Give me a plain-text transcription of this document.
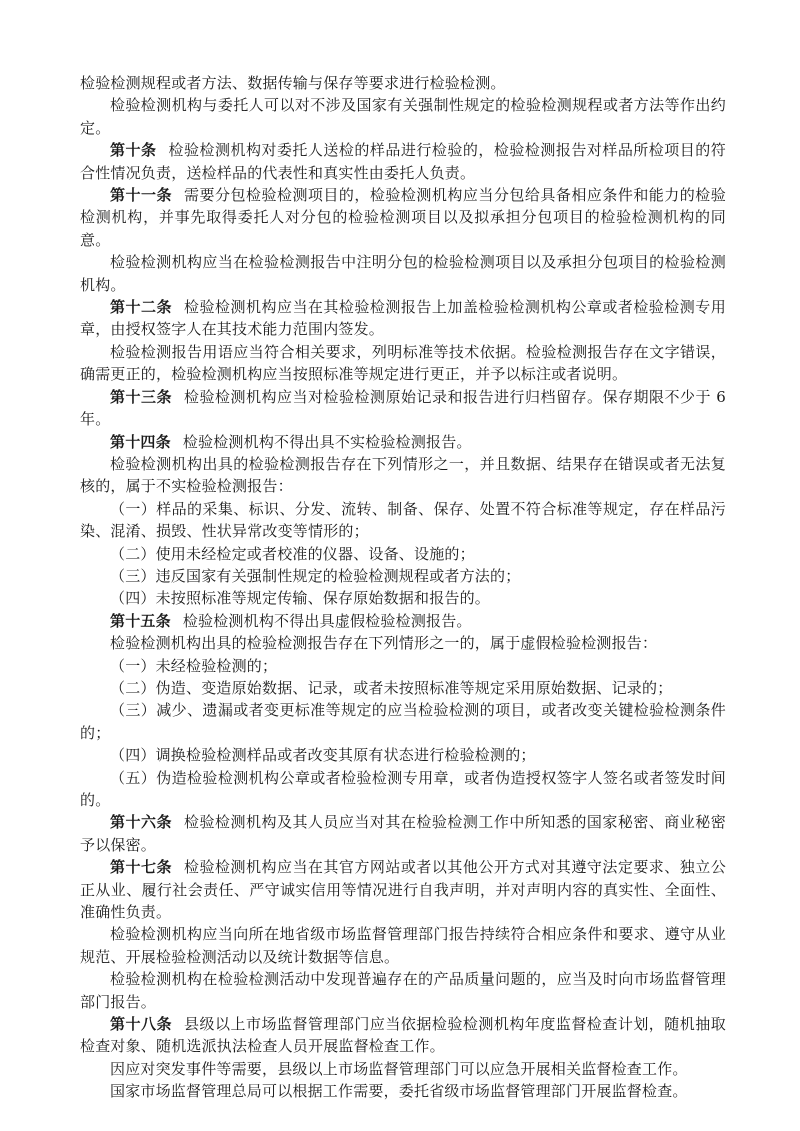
检验检测规程或者方法、数据传输与保存等要求进行检验检测。

检验检测机构与委托人可以对不涉及国家有关强制性规定的检验检测规程或者方法等作出约定。

第十条 检验检测机构对委托人送检的样品进行检验的，检验检测报告对样品所检项目的符合性情况负责，送检样品的代表性和真实性由委托人负责。

第十一条 需要分包检验检测项目的，检验检测机构应当分包给具备相应条件和能力的检验检测机构，并事先取得委托人对分包的检验检测项目以及拟承担分包项目的检验检测机构的同意。

检验检测机构应当在检验检测报告中注明分包的检验检测项目以及承担分包项目的检验检测机构。

第十二条 检验检测机构应当在其检验检测报告上加盖检验检测机构公章或者检验检测专用章，由授权签字人在其技术能力范围内签发。

检验检测报告用语应当符合相关要求，列明标准等技术依据。检验检测报告存在文字错误，确需更正的，检验检测机构应当按照标准等规定进行更正，并予以标注或者说明。

第十三条 检验检测机构应当对检验检测原始记录和报告进行归档留存。保存期限不少于 6 年。

第十四条 检验检测机构不得出具不实检验检测报告。

检验检测机构出具的检验检测报告存在下列情形之一，并且数据、结果存在错误或者无法复核的，属于不实检验检测报告：

（一）样品的采集、标识、分发、流转、制备、保存、处置不符合标准等规定，存在样品污染、混淆、损毁、性状异常改变等情形的；

（二）使用未经检定或者校准的仪器、设备、设施的；

（三）违反国家有关强制性规定的检验检测规程或者方法的；

（四）未按照标准等规定传输、保存原始数据和报告的。

第十五条 检验检测机构不得出具虚假检验检测报告。

检验检测机构出具的检验检测报告存在下列情形之一的，属于虚假检验检测报告：

（一）未经检验检测的；

（二）伪造、变造原始数据、记录，或者未按照标准等规定采用原始数据、记录的；

（三）减少、遗漏或者变更标准等规定的应当检验检测的项目，或者改变关键检验检测条件的；

（四）调换检验检测样品或者改变其原有状态进行检验检测的；

（五）伪造检验检测机构公章或者检验检测专用章，或者伪造授权签字人签名或者签发时间的。

第十六条 检验检测机构及其人员应当对其在检验检测工作中所知悉的国家秘密、商业秘密予以保密。

第十七条 检验检测机构应当在其官方网站或者以其他公开方式对其遵守法定要求、独立公正从业、履行社会责任、严守诚实信用等情况进行自我声明，并对声明内容的真实性、全面性、准确性负责。

检验检测机构应当向所在地省级市场监督管理部门报告持续符合相应条件和要求、遵守从业规范、开展检验检测活动以及统计数据等信息。

检验检测机构在检验检测活动中发现普遍存在的产品质量问题的，应当及时向市场监督管理部门报告。

第十八条 县级以上市场监督管理部门应当依据检验检测机构年度监督检查计划，随机抽取检查对象、随机选派执法检查人员开展监督检查工作。

因应对突发事件等需要，县级以上市场监督管理部门可以应急开展相关监督检查工作。

国家市场监督管理总局可以根据工作需要，委托省级市场监督管理部门开展监督检查。
